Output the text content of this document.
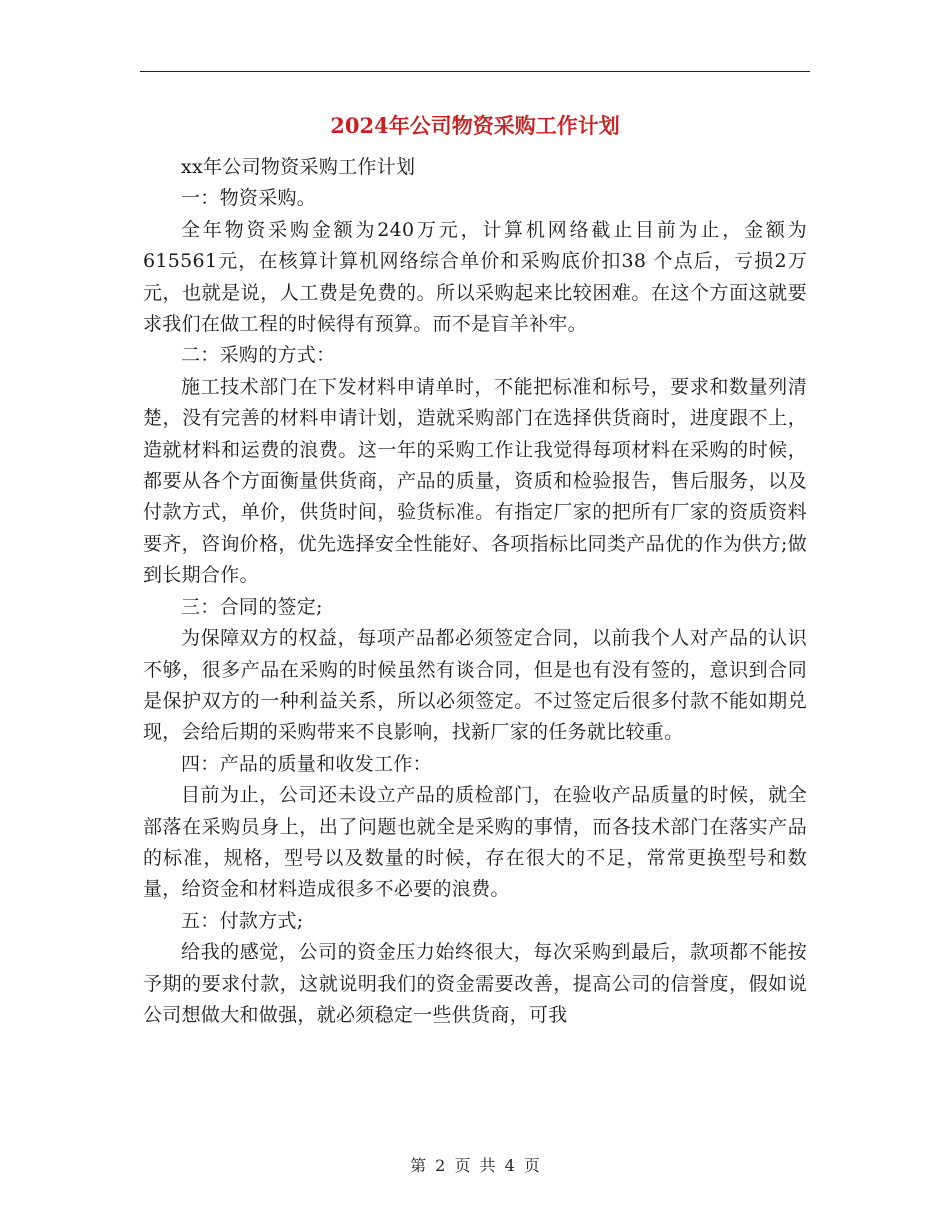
2024年公司物资采购工作计划

xx年公司物资采购工作计划

一：物资采购。

全年物资采购金额为240万元，计算机网络截止目前为止，金额为615561元，在核算计算机网络综合单价和采购底价扣38 个点后，亏损2万元，也就是说，人工费是免费的。所以采购起来比较困难。在这个方面这就要求我们在做工程的时候得有预算。而不是盲羊补牢。

二：采购的方式：

施工技术部门在下发材料申请单时，不能把标准和标号，要求和数量列清楚，没有完善的材料申请计划，造就采购部门在选择供货商时，进度跟不上，造就材料和运费的浪费。这一年的采购工作让我觉得每项材料在采购的时候，都要从各个方面衡量供货商，产品的质量，资质和检验报告，售后服务，以及付款方式，单价，供货时间，验货标准。有指定厂家的把所有厂家的资质资料要齐，咨询价格，优先选择安全性能好、各项指标比同类产品优的作为供方;做到长期合作。

三：合同的签定;

为保障双方的权益，每项产品都必须签定合同，以前我个人对产品的认识不够，很多产品在采购的时候虽然有谈合同，但是也有没有签的，意识到合同是保护双方的一种利益关系，所以必须签定。不过签定后很多付款不能如期兑现，会给后期的采购带来不良影响，找新厂家的任务就比较重。

四：产品的质量和收发工作：

目前为止，公司还未设立产品的质检部门，在验收产品质量的时候，就全部落在采购员身上，出了问题也就全是采购的事情，而各技术部门在落实产品的标准，规格，型号以及数量的时候，存在很大的不足，常常更换型号和数量，给资金和材料造成很多不必要的浪费。

五：付款方式;

给我的感觉，公司的资金压力始终很大，每次采购到最后，款项都不能按予期的要求付款，这就说明我们的资金需要改善，提高公司的信誉度，假如说公司想做大和做强，就必须稳定一些供货商，可我

第 2 页 共 4 页
